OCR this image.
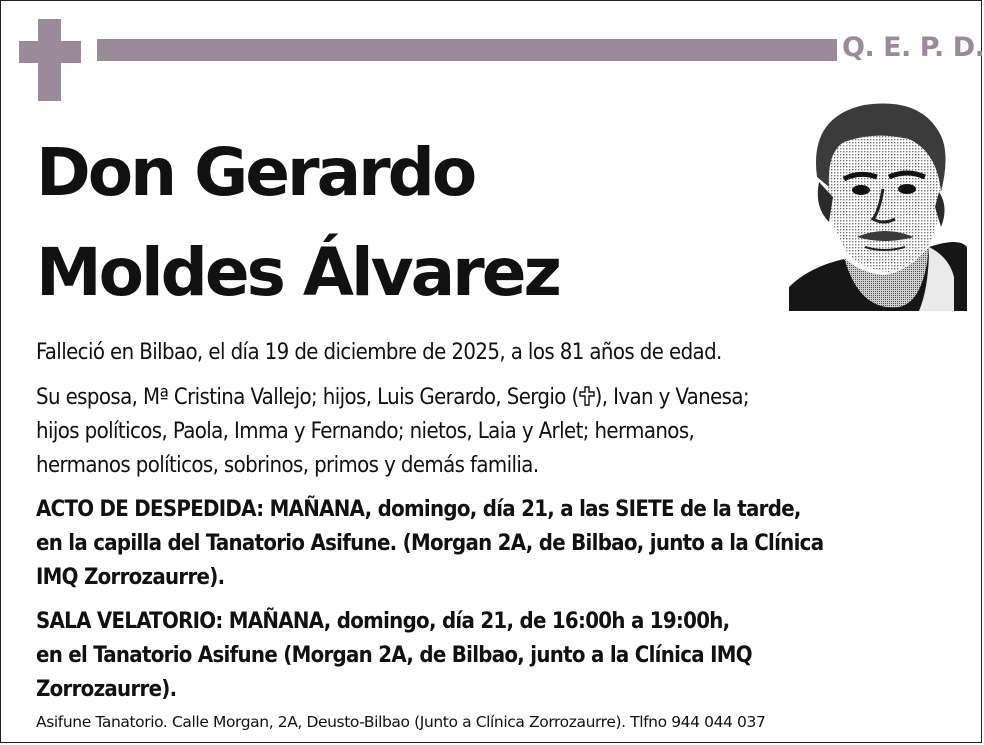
Q. E. P. D.
Don Gerardo
Moldes Álvarez
Falleció en Bilbao, el día 19 de diciembre de 2025, a los 81 años de edad.
Su esposa, Mª Cristina Vallejo; hijos, Luis Gerardo, Sergio ( ), Ivan y Vanesa;
hijos políticos, Paola, Imma y Fernando; nietos, Laia y Arlet; hermanos,
hermanos políticos, sobrinos, primos y demás familia.
ACTO DE DESPEDIDA: MAÑANA, domingo, día 21, a las SIETE de la tarde,
en la capilla del Tanatorio Asifune. (Morgan 2A, de Bilbao, junto a la Clínica
IMQ Zorrozaurre).
SALA VELATORIO: MAÑANA, domingo, día 21, de 16:00h a 19:00h,
en el Tanatorio Asifune (Morgan 2A, de Bilbao, junto a la Clínica IMQ
Zorrozaurre).
Asifune Tanatorio. Calle Morgan, 2A, Deusto-Bilbao (Junto a Clínica Zorrozaurre). Tlfno 944 044 037
